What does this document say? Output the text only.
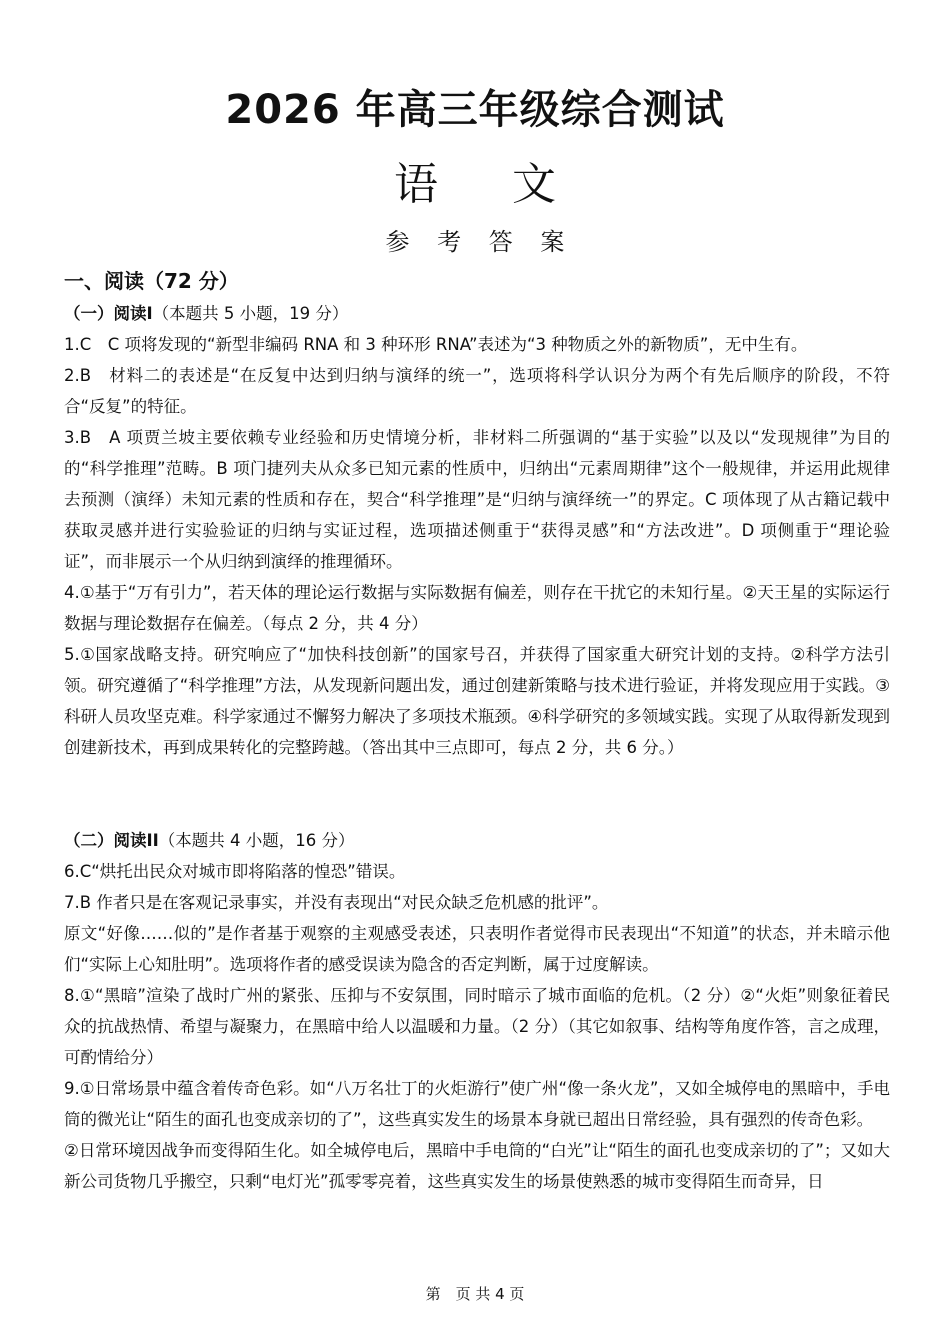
2026 年高三年级综合测试
语 文
参 考 答 案
一、阅读（72 分）
（一）阅读I（本题共 5 小题，19 分）

1.C　C 项将发现的“新型非编码 RNA 和 3 种环形 RNA”表述为“3 种物质之外的新物质”，无中生有。

2.B　材料二的表述是“在反复中达到归纳与演绎的统一”，选项将科学认识分为两个有先后顺序的阶段，不符合“反复”的特征。

3.B　A 项贾兰坡主要依赖专业经验和历史情境分析，非材料二所强调的“基于实验”以及以“发现规律”为目的的“科学推理”范畴。B 项门捷列夫从众多已知元素的性质中，归纳出“元素周期律”这个一般规律，并运用此规律去预测（演绎）未知元素的性质和存在，契合“科学推理”是“归纳与演绎统一”的界定。C 项体现了从古籍记载中获取灵感并进行实验验证的归纳与实证过程，选项描述侧重于“获得灵感”和“方法改进”。D 项侧重于“理论验证”，而非展示一个从归纳到演绎的推理循环。

4.①基于“万有引力”，若天体的理论运行数据与实际数据有偏差，则存在干扰它的未知行星。②天王星的实际运行数据与理论数据存在偏差。（每点 2 分，共 4 分）

5.①国家战略支持。研究响应了“加快科技创新”的国家号召，并获得了国家重大研究计划的支持。②科学方法引领。研究遵循了“科学推理”方法，从发现新问题出发，通过创建新策略与技术进行验证，并将发现应用于实践。③科研人员攻坚克难。科学家通过不懈努力解决了多项技术瓶颈。④科学研究的多领域实践。实现了从取得新发现到创建新技术，再到成果转化的完整跨越。（答出其中三点即可，每点 2 分，共 6 分。）

（二）阅读II（本题共 4 小题，16 分）

6.C“烘托出民众对城市即将陷落的惶恐”错误。

7.B 作者只是在客观记录事实，并没有表现出“对民众缺乏危机感的批评”。

原文“好像……似的”是作者基于观察的主观感受表述，只表明作者觉得市民表现出“不知道”的状态，并未暗示他们“实际上心知肚明”。选项将作者的感受误读为隐含的否定判断，属于过度解读。

8.①“黑暗”渲染了战时广州的紧张、压抑与不安氛围，同时暗示了城市面临的危机。（2 分）②“火炬”则象征着民众的抗战热情、希望与凝聚力，在黑暗中给人以温暖和力量。（2 分）（其它如叙事、结构等角度作答，言之成理，可酌情给分）

9.①日常场景中蕴含着传奇色彩。如“八万名壮丁的火炬游行”使广州“像一条火龙”，又如全城停电的黑暗中，手电筒的微光让“陌生的面孔也变成亲切的了”，这些真实发生的场景本身就已超出日常经验，具有强烈的传奇色彩。

②日常环境因战争而变得陌生化。如全城停电后，黑暗中手电筒的“白光”让“陌生的面孔也变成亲切的了”；又如大新公司货物几乎搬空，只剩“电灯光”孤零零亮着，这些真实发生的场景使熟悉的城市变得陌生而奇异，日

第　页 共 4 页
